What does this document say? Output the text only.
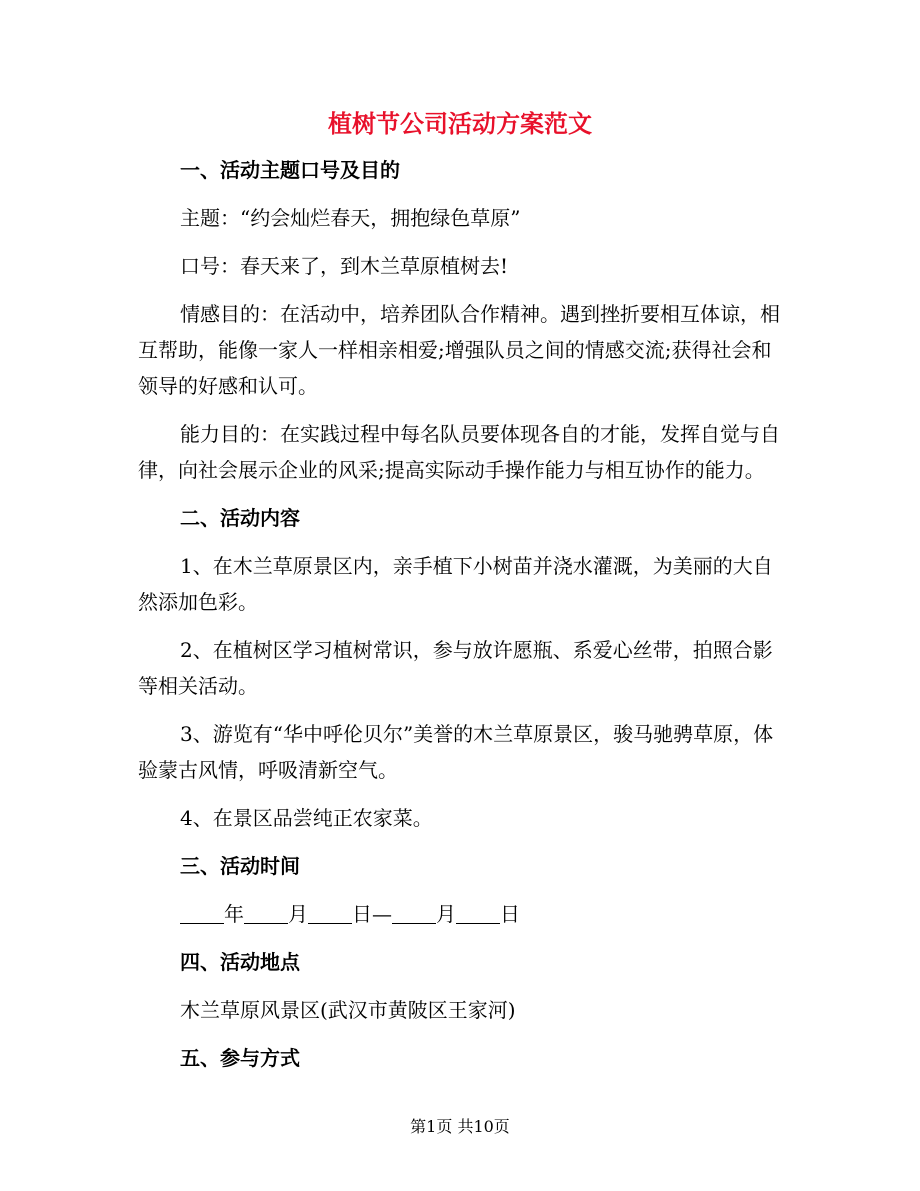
植树节公司活动方案范文

一、活动主题口号及目的

主题：“约会灿烂春天，拥抱绿色草原”

口号：春天来了，到木兰草原植树去!

情感目的：在活动中，培养团队合作精神。遇到挫折要相互体谅，相互帮助，能像一家人一样相亲相爱;增强队员之间的情感交流;获得社会和领导的好感和认可。

能力目的：在实践过程中每名队员要体现各自的才能，发挥自觉与自律，向社会展示企业的风采;提高实际动手操作能力与相互协作的能力。

二、活动内容

1、在木兰草原景区内，亲手植下小树苗并浇水灌溉，为美丽的大自然添加色彩。

2、在植树区学习植树常识，参与放许愿瓶、系爱心丝带，拍照合影等相关活动。

3、游览有“华中呼伦贝尔”美誉的木兰草原景区，骏马驰骋草原，体验蒙古风情，呼吸清新空气。

4、在景区品尝纯正农家菜。

三、活动时间

年 月 日— 月 日

四、活动地点

木兰草原风景区(武汉市黄陂区王家河)

五、参与方式

第1页 共10页
